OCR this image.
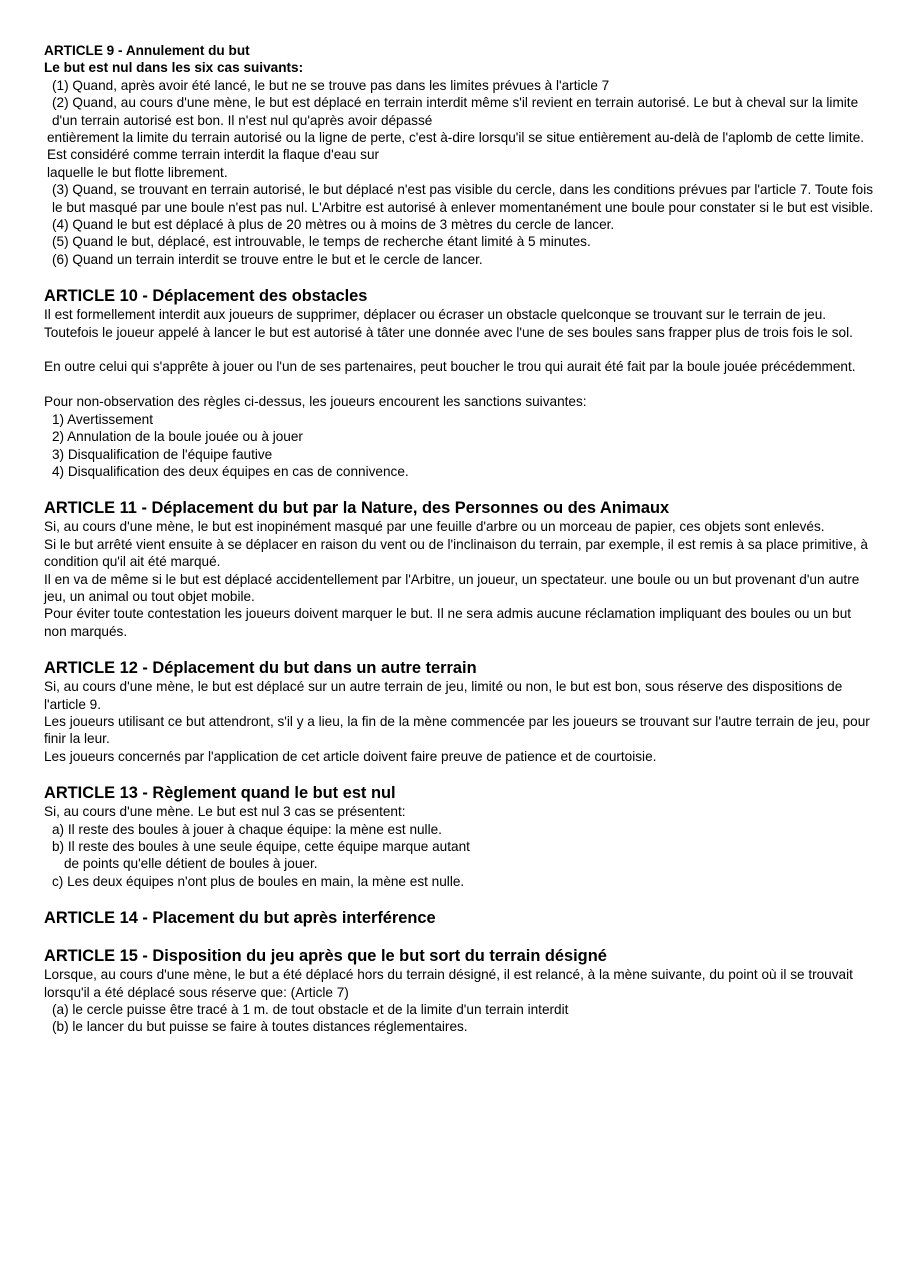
ARTICLE 9 - Annulement du but
Le but est nul dans les six cas suivants:

(1) Quand, après avoir été lancé, le but ne se trouve pas dans les limites prévues à l'article 7

(2) Quand, au cours d'une mène, le but est déplacé en terrain interdit même s'il revient en terrain autorisé. Le but à cheval sur la limite d'un terrain autorisé est bon. Il n'est nul qu'après avoir dépassé

entièrement la limite du terrain autorisé ou la ligne de perte, c'est à-dire lorsqu'il se situe entièrement au-delà de l'aplomb de cette limite. Est considéré comme terrain interdit la flaque d'eau sur

laquelle le but flotte librement.

(3) Quand, se trouvant en terrain autorisé, le but déplacé n'est pas visible du cercle, dans les conditions prévues par l'article 7. Toute fois le but masqué par une boule n'est pas nul. L'Arbitre est autorisé à enlever momentanément une boule pour constater si le but est visible.

(4) Quand le but est déplacé à plus de 20 mètres ou à moins de 3 mètres du cercle de lancer.

(5) Quand le but, déplacé, est introuvable, le temps de recherche étant limité à 5 minutes.

(6) Quand un terrain interdit se trouve entre le but et le cercle de lancer.

ARTICLE 10 - Déplacement des obstacles

Il est formellement interdit aux joueurs de supprimer, déplacer ou écraser un obstacle quelconque se trouvant sur le terrain de jeu. Toutefois le joueur appelé à lancer le but est autorisé à tâter une donnée avec l'une de ses boules sans frapper plus de trois fois le sol.

En outre celui qui s'apprête à jouer ou l'un de ses partenaires, peut boucher le trou qui aurait été fait par la boule jouée précédemment.

Pour non-observation des règles ci-dessus, les joueurs encourent les sanctions suivantes:

1) Avertissement

2) Annulation de la boule jouée ou à jouer

3) Disqualification de l'équipe fautive

4) Disqualification des deux équipes en cas de connivence.

ARTICLE 11 - Déplacement du but par la Nature, des Personnes ou des Animaux

Si, au cours d'une mène, le but est inopinément masqué par une feuille d'arbre ou un morceau de papier, ces objets sont enlevés.

Si le but arrêté vient ensuite à se déplacer en raison du vent ou de l'inclinaison du terrain, par exemple, il est remis à sa place primitive, à condition qu'il ait été marqué.

Il en va de même si le but est déplacé accidentellement par l'Arbitre, un joueur, un spectateur. une boule ou un but provenant d'un autre jeu, un animal ou tout objet mobile.

Pour éviter toute contestation les joueurs doivent marquer le but. Il ne sera admis aucune réclamation impliquant des boules ou un but non marqués.

ARTICLE 12 - Déplacement du but dans un autre terrain

Si, au cours d'une mène, le but est déplacé sur un autre terrain de jeu, limité ou non, le but est bon, sous réserve des dispositions de l'article 9.

Les joueurs utilisant ce but attendront, s'il y a lieu, la fin de la mène commencée par les joueurs se trouvant sur l'autre terrain de jeu, pour finir la leur.

Les joueurs concernés par l'application de cet article doivent faire preuve de patience et de courtoisie.

ARTICLE 13 - Règlement quand le but est nul

Si, au cours d'une mène. Le but est nul 3 cas se présentent:

a) Il reste des boules à jouer à chaque équipe: la mène est nulle.

b) Il reste des boules à une seule équipe, cette équipe marque autant

de points qu'elle détient de boules à jouer.

c) Les deux équipes n'ont plus de boules en main, la mène est nulle.

ARTICLE 14 - Placement du but après interférence
ARTICLE 15 - Disposition du jeu après que le but sort du terrain désigné

Lorsque, au cours d'une mène, le but a été déplacé hors du terrain désigné, il est relancé, à la mène suivante, du point où il se trouvait lorsqu'il a été déplacé sous réserve que: (Article 7)

(a) le cercle puisse être tracé à 1 m. de tout obstacle et de la limite d'un terrain interdit

(b) le lancer du but puisse se faire à toutes distances réglementaires.
